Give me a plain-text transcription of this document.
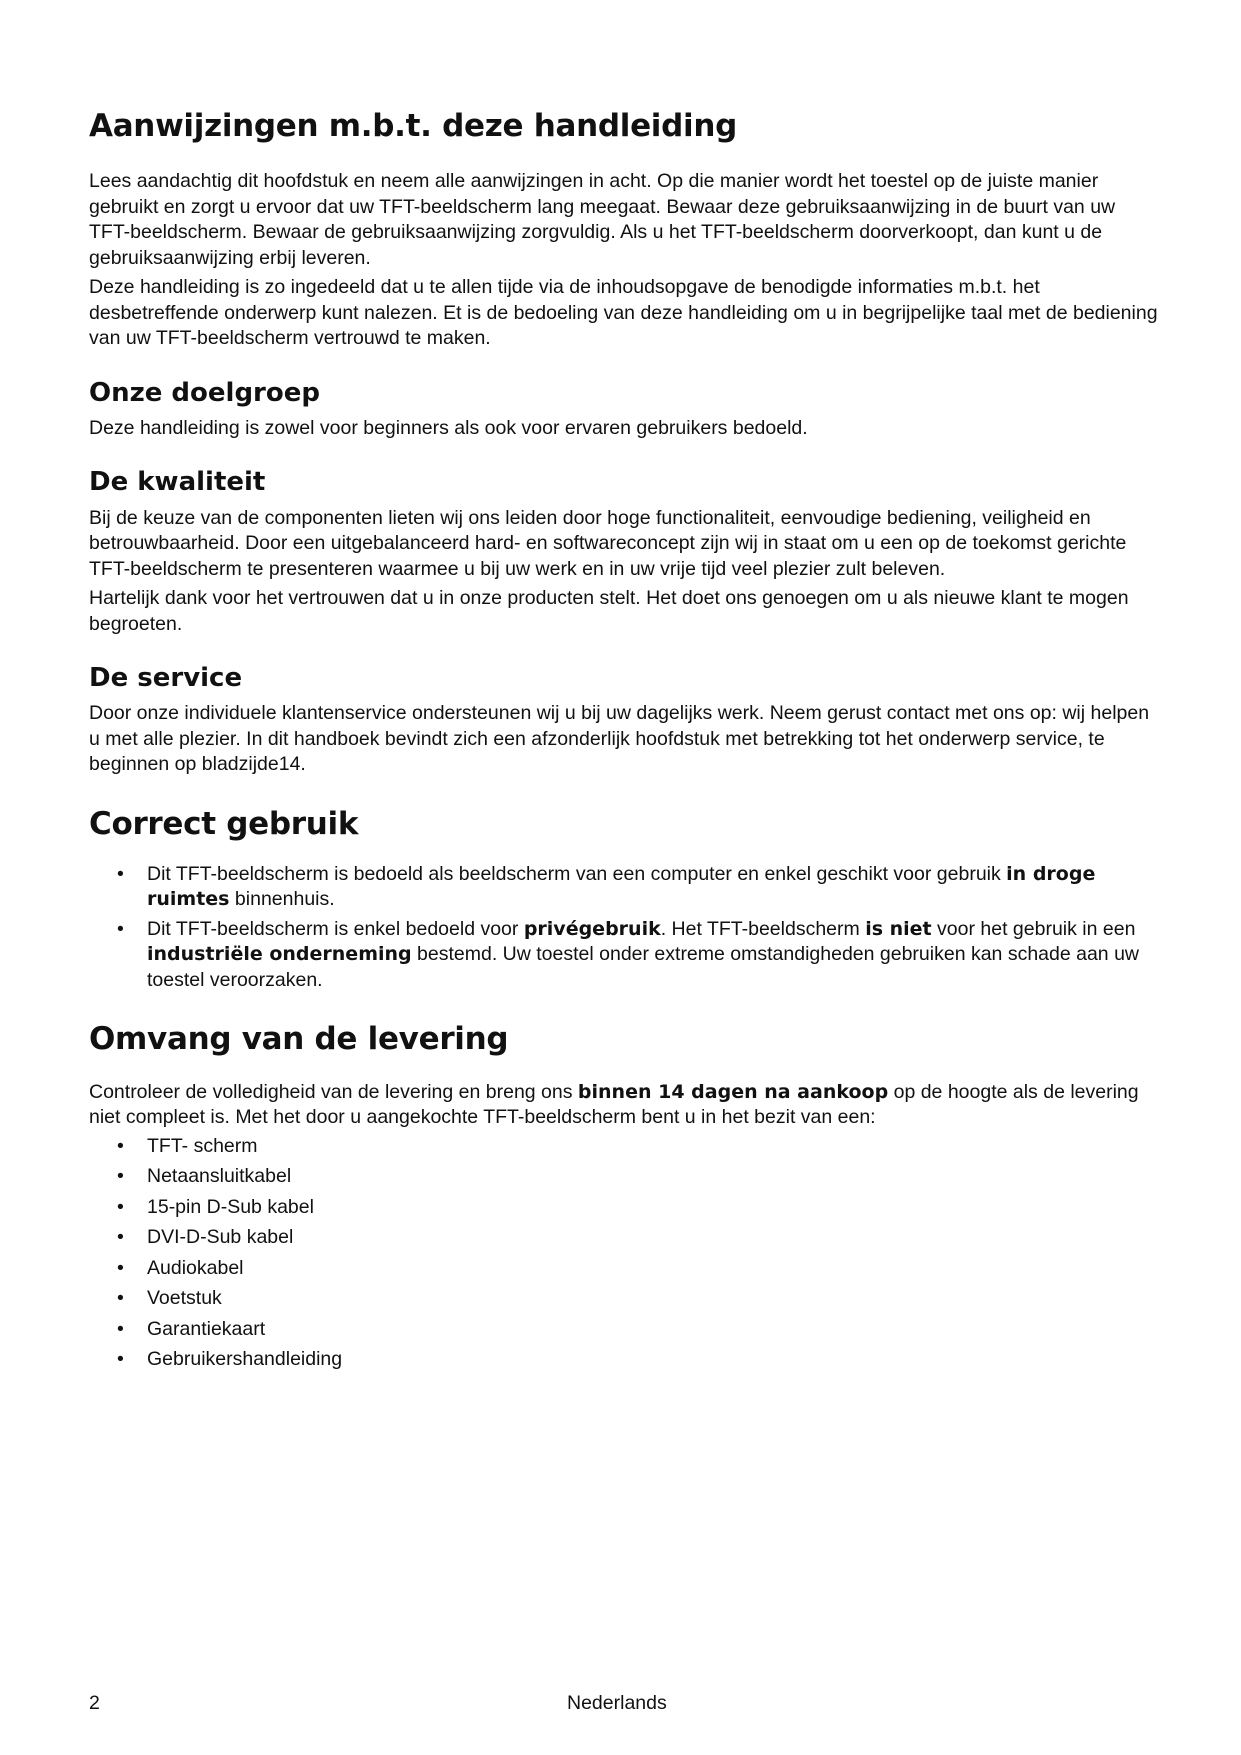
Aanwijzingen m.b.t. deze handleiding

Lees aandachtig dit hoofdstuk en neem alle aanwijzingen in acht. Op die manier wordt het toestel op de juiste manier gebruikt en zorgt u ervoor dat uw TFT-beeldscherm lang meegaat. Bewaar deze gebruiksaanwijzing in de buurt van uw TFT-beeldscherm. Bewaar de gebruiksaanwijzing zorgvuldig. Als u het TFT-beeldscherm doorverkoopt, dan kunt u de gebruiksaanwijzing erbij leveren.

Deze handleiding is zo ingedeeld dat u te allen tijde via de inhoudsopgave de benodigde informaties m.b.t. het desbetreffende onderwerp kunt nalezen. Et is de bedoeling van deze handleiding om u in begrijpelijke taal met de bediening van uw TFT-beeldscherm vertrouwd te maken.

Onze doelgroep

Deze handleiding is zowel voor beginners als ook voor ervaren gebruikers bedoeld.

De kwaliteit

Bij de keuze van de componenten lieten wij ons leiden door hoge functionaliteit, eenvoudige bediening, veiligheid en betrouwbaarheid. Door een uitgebalanceerd hard- en softwareconcept zijn wij in staat om u een op de toekomst gerichte TFT-beeldscherm te presenteren waarmee u bij uw werk en in uw vrije tijd veel plezier zult beleven.

Hartelijk dank voor het vertrouwen dat u in onze producten stelt. Het doet ons genoegen om u als nieuwe klant te mogen begroeten.

De service

Door onze individuele klantenservice ondersteunen wij u bij uw dagelijks werk. Neem gerust contact met ons op: wij helpen u met alle plezier. In dit handboek bevindt zich een afzonderlijk hoofdstuk met betrekking tot het onderwerp service, te beginnen op bladzijde14.

Correct gebruik
• Dit TFT-beeldscherm is bedoeld als beeldscherm van een computer en enkel geschikt voor gebruik in droge ruimtes binnenhuis.
• Dit TFT-beeldscherm is enkel bedoeld voor privégebruik. Het TFT-beeldscherm is niet voor het gebruik in een industriële onderneming bestemd. Uw toestel onder extreme omstandigheden gebruiken kan schade aan uw toestel veroorzaken.
Omvang van de levering

Controleer de volledigheid van de levering en breng ons binnen 14 dagen na aankoop op de hoogte als de levering niet compleet is. Met het door u aangekochte TFT-beeldscherm bent u in het bezit van een:

• TFT- scherm
• Netaansluitkabel
• 15-pin D-Sub kabel
• DVI-D-Sub kabel
• Audiokabel
• Voetstuk
• Garantiekaart
• Gebruikershandleiding
2	Nederlands
